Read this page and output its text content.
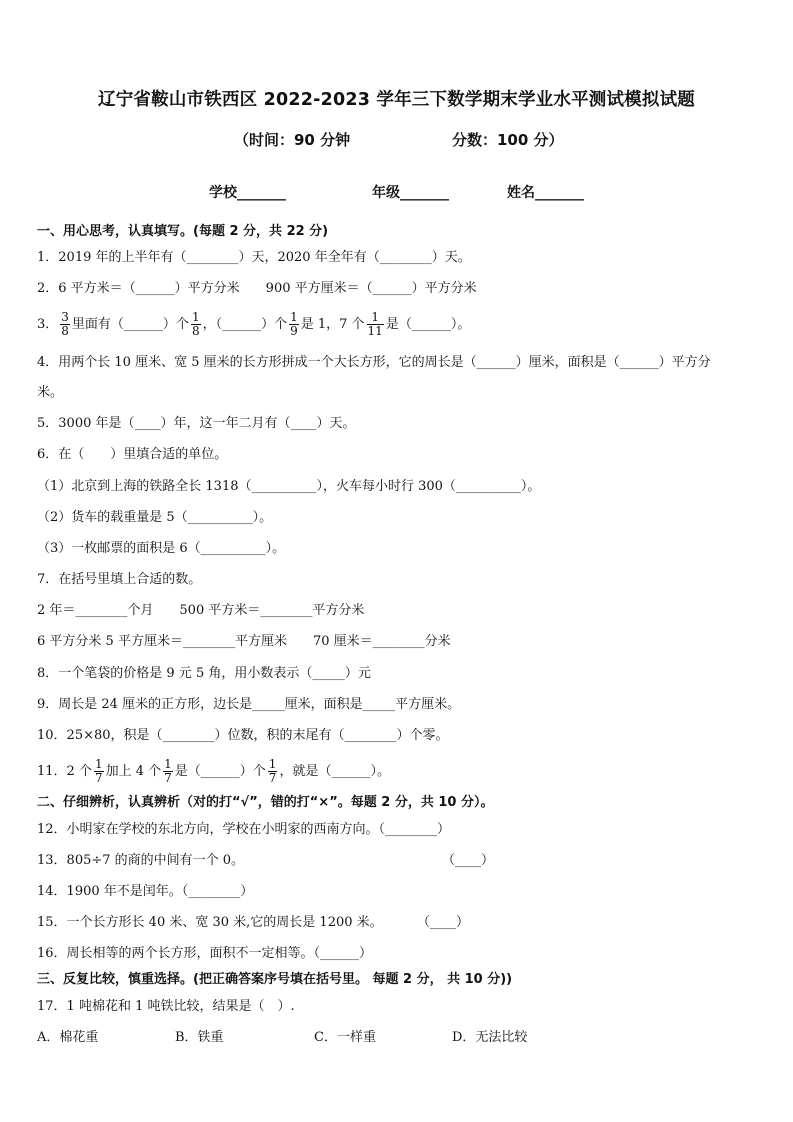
辽宁省鞍山市铁西区 2022-2023 学年三下数学期末学业水平测试模拟试题
（时间：90 分钟	分数：100 分）
学校_______	年级_______	姓名_______
一、用心思考，认真填写。(每题 2 分，共 22 分)
1．2019 年的上半年有（________）天，2020 年全年有（________）天。
2．6 平方米＝（______）平方分米　　900 平方厘米＝（______）平方分米
3． $\frac{3}{8}$ 里面有（______）个 $\frac{1}{8}$ ，（______）个 $\frac{1}{9}$ 是 1，7 个 $\frac{1}{11}$ 是（______）。
4．用两个长 10 厘米、宽 5 厘米的长方形拼成一个大长方形，它的周长是（______）厘米，面积是（______）平方分
米。
5．3000 年是（____）年，这一年二月有（____）天。
6．在（　　）里填合适的单位。
（1）北京到上海的铁路全长 1318（__________），火车每小时行 300（__________）。
（2）货车的载重量是 5（__________）。
（3）一枚邮票的面积是 6（__________）。
7．在括号里填上合适的数。
2 年＝________个月　　500 平方米＝________平方分米
6 平方分米 5 平方厘米＝________平方厘米　　70 厘米＝________分米
8．一个笔袋的价格是 9 元 5 角，用小数表示（_____）元
9．周长是 24 厘米的正方形，边长是_____厘米，面积是_____平方厘米。
10．25×80，积是（________）位数，积的末尾有（________）个零。
11．2 个 $\frac{1}{7}$ 加上 4 个 $\frac{1}{7}$ 是（______）个 $\frac{1}{7}$ ，就是（______）。
二、仔细辨析，认真辨析（对的打“√”，错的打“×”。每题 2 分，共 10 分）。
12．小明家在学校的东北方向，学校在小明家的西南方向。（________）
13．805÷7 的商的中间有一个 0。	（____）
14．1900 年不是闰年。（________）
15．一个长方形长 40 米、宽 30 米,它的周长是 1200 米。	（____）
16．周长相等的两个长方形，面积不一定相等。（______）
三、反复比较，慎重选择。(把正确答案序号填在括号里。 每题 2 分， 共 10 分))
17．1 吨棉花和 1 吨铁比较，结果是（　）.
A．棉花重	B．铁重	C．一样重	D．无法比较
